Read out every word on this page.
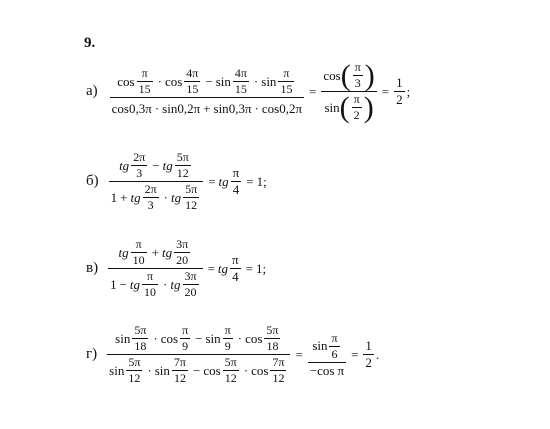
9.
а)
$\cos \frac{\pi}{15} \cdot \cos \frac{4\pi}{15} - \sin \frac{4\pi}{15} \cdot \sin \frac{\pi}{15}$
cos 0,3π · sin 0,2π + sin 0,3π · cos 0,2π
= $\frac{\cos ( \frac{\pi}{3} )}{\sin ( \frac{\pi}{2} )} = \frac{1}{2}$ ;
$б) \frac{tg \frac{2\pi}{3} - tg \frac{5\pi}{12}}{1 + tg \frac{2\pi}{3} \cdot tg \frac{5\pi}{12}}$ = tg $\frac{\pi}{4} = 1$;
$в) \frac{tg \frac{\pi}{10} + tg \frac{3\pi}{20}}{1 - tg \frac{\pi}{10} \cdot tg \frac{3\pi}{20}}$ = tg $\frac{\pi}{4} = 1$;
г)
$\sin \frac{5\pi}{18} \cdot \cos \frac{\pi}{9} - \sin \frac{\pi}{9} \cdot \cos \frac{5\pi}{18}$
$\sin \frac{5\pi}{12} \cdot \sin \frac{7\pi}{12} - \cos \frac{5\pi}{12} \cdot \cos \frac{7\pi}{12}$
= $\frac{\sin \frac{\pi}{6}}{\text{−cos π}} = \frac{1}{2}$ .
